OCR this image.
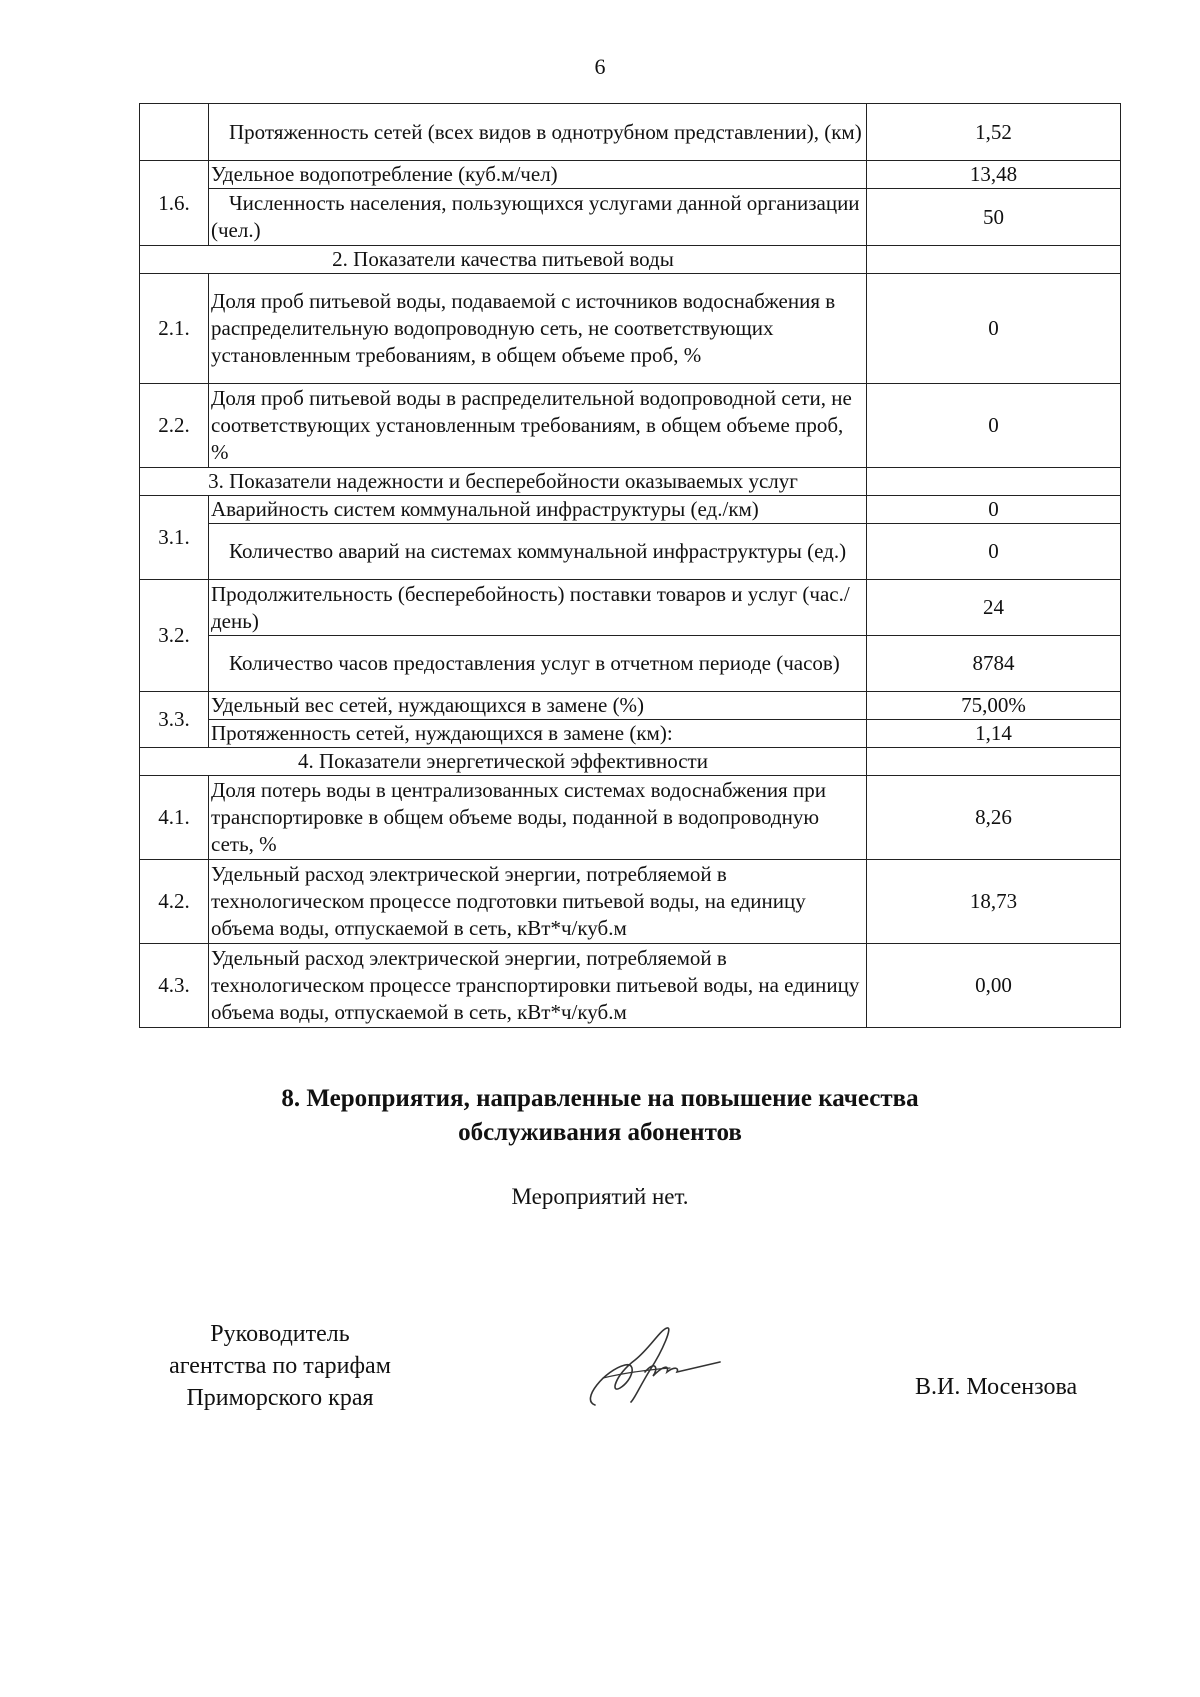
6
	Протяженность сетей (всех видов в однотрубном представлении), (км)	1,52
1.6.	Удельное водопотребление (куб.м/чел)	13,48
	Численность населения, пользующихся услугами данной организации (чел.)	50
2. Показатели качества питьевой воды		
2.1.	Доля проб питьевой воды, подаваемой с источников водоснабжения в распределительную водопроводную сеть, не соответствующих установленным требованиям, в общем объеме проб, %	0
2.2.	Доля проб питьевой воды в распределительной водопроводной сети, не соответствующих установленным требованиям, в общем объеме проб, %	0
3. Показатели надежности и бесперебойности оказываемых услуг		
3.1.	Аварийность систем коммунальной инфраструктуры (ед./км)	0
	Количество аварий на системах коммунальной инфраструктуры (ед.)	0
3.2.	Продолжительность (бесперебойность) поставки товаров и услуг (час./день)	24
	Количество часов предоставления услуг в отчетном периоде (часов)	8784
3.3.	Удельный вес сетей, нуждающихся в замене (%)	75,00%
	Протяженность сетей, нуждающихся в замене (км):	1,14
4. Показатели энергетической эффективности		
4.1.	Доля потерь воды в централизованных системах водоснабжения при транспортировке в общем объеме воды, поданной в водопроводную сеть, %	8,26
4.2.	Удельный расход электрической энергии, потребляемой в технологическом процессе подготовки питьевой воды, на единицу объема воды, отпускаемой в сеть, кВт*ч/куб.м	18,73
4.3.	Удельный расход электрической энергии, потребляемой в технологическом процессе транспортировки питьевой воды, на единицу объема воды, отпускаемой в сеть, кВт*ч/куб.м	0,00
8. Мероприятия, направленные на повышение качества
обслуживания абонентов
Мероприятий нет.
Руководитель
агентства по тарифам
Приморского края	В.И. Мосензова
